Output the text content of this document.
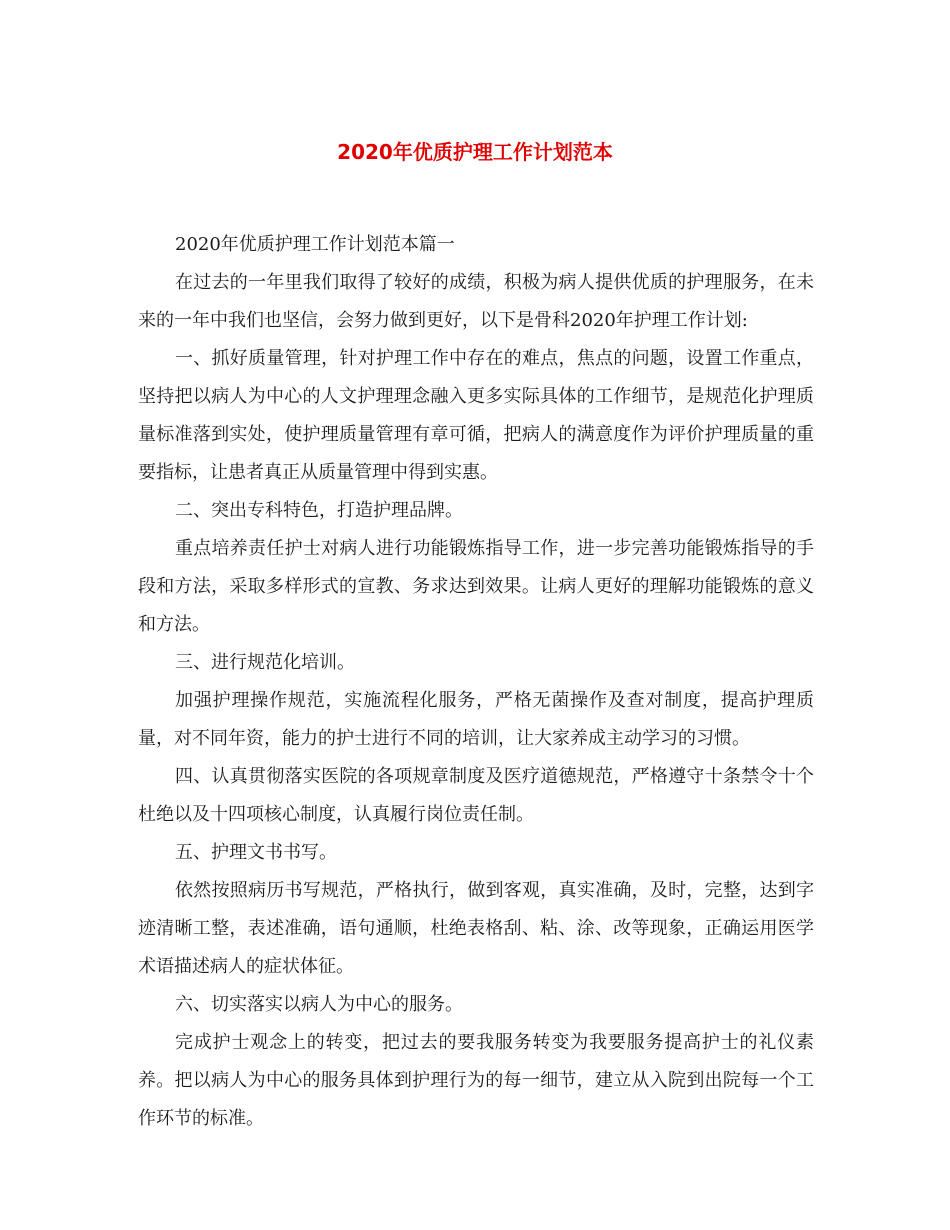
2020年优质护理工作计划范本

2020年优质护理工作计划范本篇一

在过去的一年里我们取得了较好的成绩，积极为病人提供优质的护理服务，在未来的一年中我们也坚信，会努力做到更好，以下是骨科2020年护理工作计划:

一、抓好质量管理，针对护理工作中存在的难点，焦点的问题，设置工作重点，坚持把以病人为中心的人文护理理念融入更多实际具体的工作细节，是规范化护理质量标准落到实处，使护理质量管理有章可循，把病人的满意度作为评价护理质量的重要指标，让患者真正从质量管理中得到实惠。

二、突出专科特色，打造护理品牌。

重点培养责任护士对病人进行功能锻炼指导工作，进一步完善功能锻炼指导的手段和方法，采取多样形式的宣教、务求达到效果。让病人更好的理解功能锻炼的意义和方法。

三、进行规范化培训。

加强护理操作规范，实施流程化服务，严格无菌操作及查对制度，提高护理质量，对不同年资，能力的护士进行不同的培训，让大家养成主动学习的习惯。

四、认真贯彻落实医院的各项规章制度及医疗道德规范，严格遵守十条禁令十个杜绝以及十四项核心制度，认真履行岗位责任制。

五、护理文书书写。

依然按照病历书写规范，严格执行，做到客观，真实准确，及时，完整，达到字迹清晰工整，表述准确，语句通顺，杜绝表格刮、粘、涂、改等现象，正确运用医学术语描述病人的症状体征。

六、切实落实以病人为中心的服务。

完成护士观念上的转变，把过去的要我服务转变为我要服务提高护士的礼仪素养。把以病人为中心的服务具体到护理行为的每一细节，建立从入院到出院每一个工作环节的标准。
